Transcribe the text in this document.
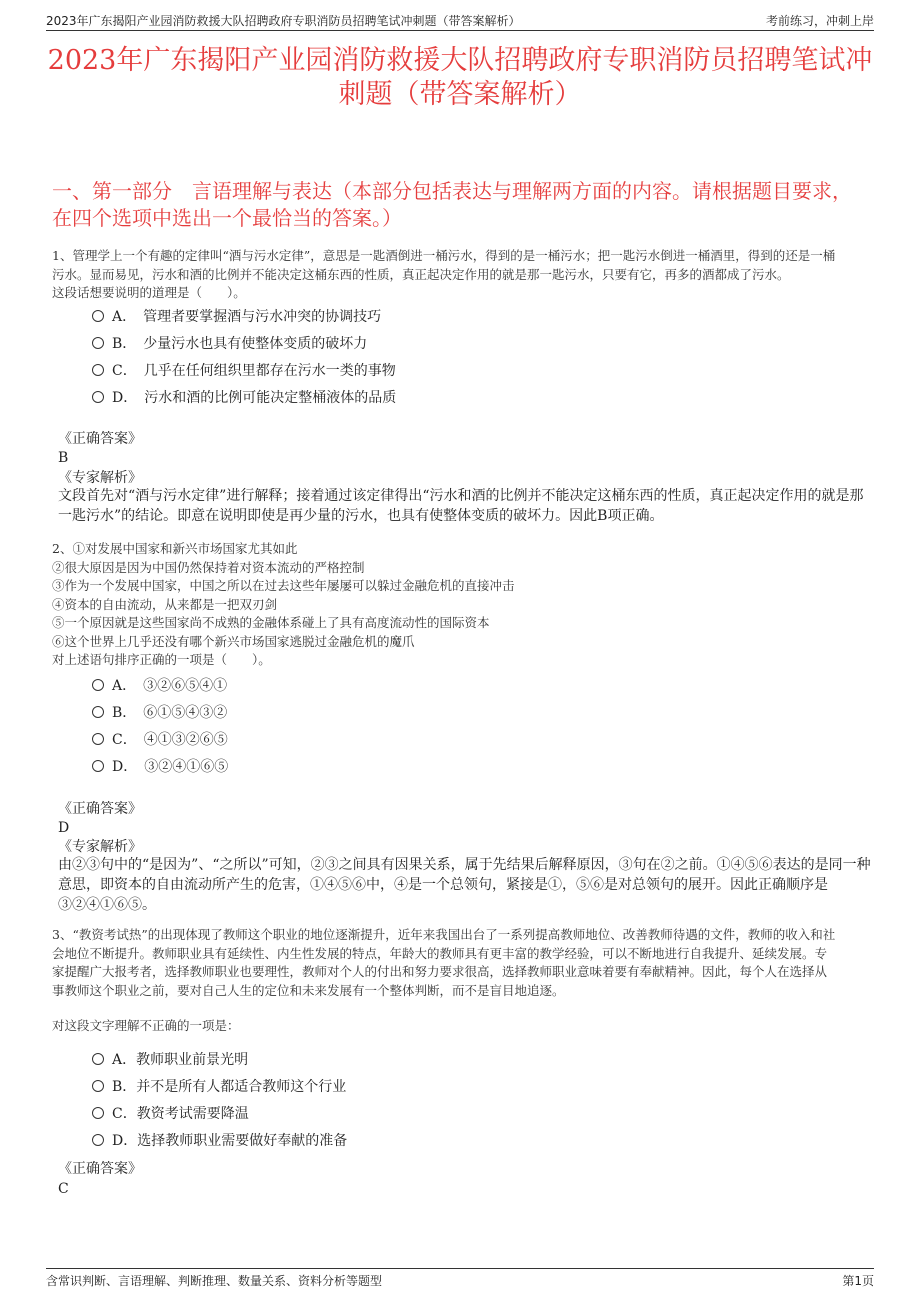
2023年广东揭阳产业园消防救援大队招聘政府专职消防员招聘笔试冲刺题（带答案解析）	考前练习，冲刺上岸
2023年广东揭阳产业园消防救援大队招聘政府专职消防员招聘笔试冲刺题（带答案解析）
一、第一部分　言语理解与表达（本部分包括表达与理解两方面的内容。请根据题目要求，在四个选项中选出一个最恰当的答案。）
1、管理学上一个有趣的定律叫“酒与污水定律”，意思是一匙酒倒进一桶污水，得到的是一桶污水；把一匙污水倒进一桶酒里，得到的还是一桶
污水。显而易见，污水和酒的比例并不能决定这桶东西的性质，真正起决定作用的就是那一匙污水，只要有它，再多的酒都成了污水。
这段话想要说明的道理是（　　）。
A．　管理者要掌握酒与污水冲突的协调技巧
B．　少量污水也具有使整体变质的破坏力
C．　几乎在任何组织里都存在污水一类的事物
D．　污水和酒的比例可能决定整桶液体的品质
《正确答案》
B
《专家解析》
文段首先对“酒与污水定律”进行解释；接着通过该定律得出“污水和酒的比例并不能决定这桶东西的性质，真正起决定作用的就是那一匙污水”的结论。即意在说明即使是再少量的污水，也具有使整体变质的破坏力。因此B项正确。
2、①对发展中国家和新兴市场国家尤其如此
②很大原因是因为中国仍然保持着对资本流动的严格控制
③作为一个发展中国家，中国之所以在过去这些年屡屡可以躲过金融危机的直接冲击
④资本的自由流动，从来都是一把双刃剑
⑤一个原因就是这些国家尚不成熟的金融体系碰上了具有高度流动性的国际资本
⑥这个世界上几乎还没有哪个新兴市场国家逃脱过金融危机的魔爪
对上述语句排序正确的一项是（　　）。
A．　③②⑥⑤④①
B．　⑥①⑤④③②
C．　④①③②⑥⑤
D．　③②④①⑥⑤
《正确答案》
D
《专家解析》
由②③句中的“是因为”、“之所以”可知，②③之间具有因果关系，属于先结果后解释原因，③句在②之前。①④⑤⑥表达的是同一种意思，即资本的自由流动所产生的危害，①④⑤⑥中，④是一个总领句，紧接是①，⑤⑥是对总领句的展开。因此正确顺序是③②④①⑥⑤。
3、“教资考试热”的出现体现了教师这个职业的地位逐渐提升，近年来我国出台了一系列提高教师地位、改善教师待遇的文件，教师的收入和社
会地位不断提升。教师职业具有延续性、内生性发展的特点，年龄大的教师具有更丰富的教学经验，可以不断地进行自我提升、延续发展。专
家提醒广大报考者，选择教师职业也要理性，教师对个人的付出和努力要求很高，选择教师职业意味着要有奉献精神。因此，每个人在选择从
事教师这个职业之前，要对自己人生的定位和未来发展有一个整体判断，而不是盲目地追逐。
对这段文字理解不正确的一项是：
A．教师职业前景光明
B．并不是所有人都适合教师这个行业
C．教资考试需要降温
D．选择教师职业需要做好奉献的准备
《正确答案》
C
含常识判断、言语理解、判断推理、数量关系、资料分析等题型	第1页
